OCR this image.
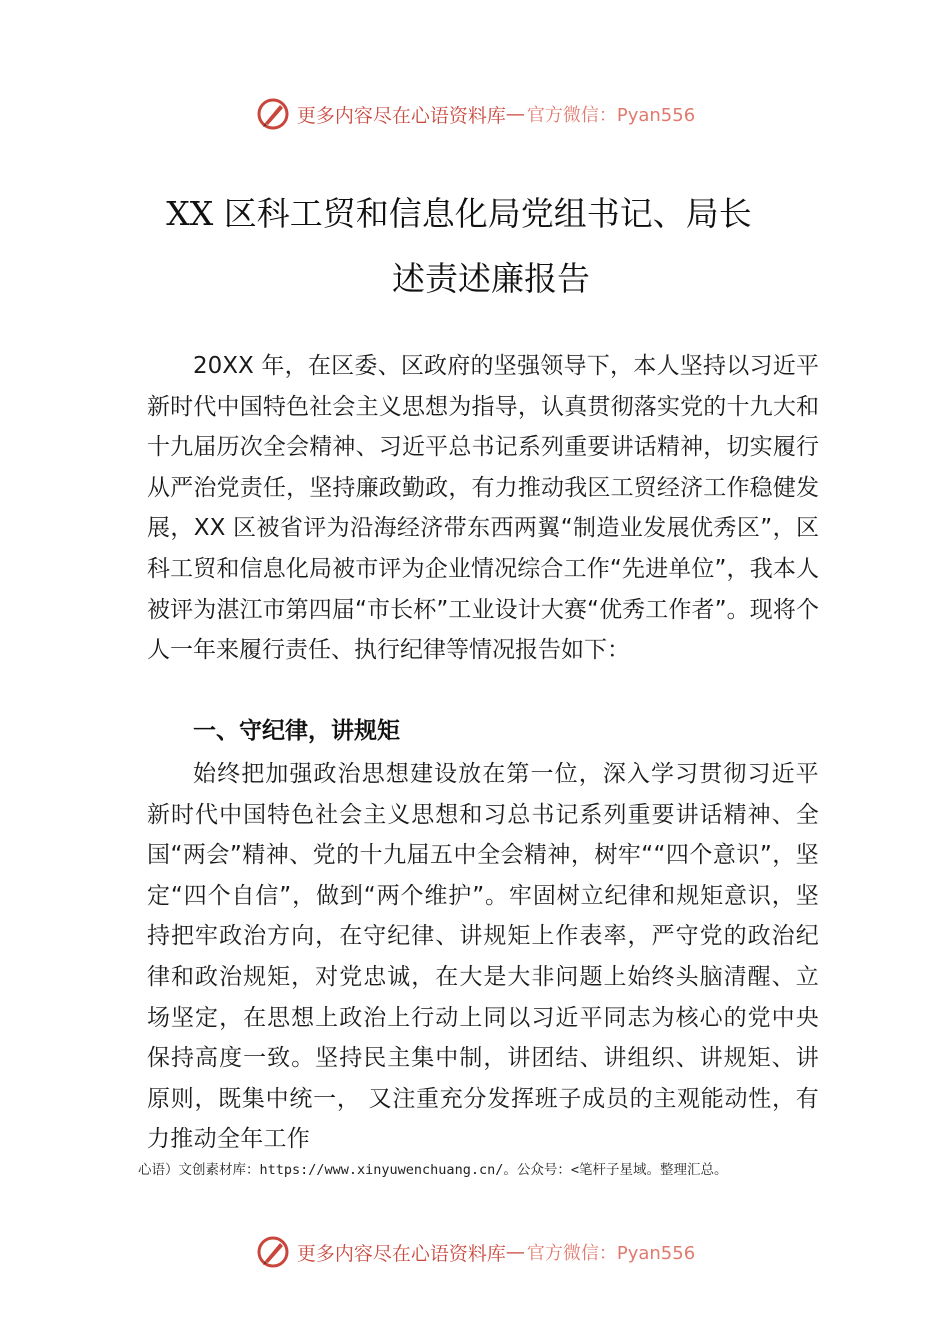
更多内容尽在心语资料库 — 官方微信：Pyan556
XX 区科工贸和信息化局党组书记、局长
述责述廉报告
20XX 年，在区委、区政府的坚强领导下，本人坚持以习近平新时代中国特色社会主义思想为指导，认真贯彻落实党的十九大和十九届历次全会精神、习近平总书记系列重要讲话精神，切实履行从严治党责任，坚持廉政勤政，有力推动我区工贸经济工作稳健发展，XX 区被省评为沿海经济带东西两翼“制造业发展优秀区”，区科工贸和信息化局被市评为企业情况综合工作“先进单位”，我本人被评为湛江市第四届“市长杯”工业设计大赛“优秀工作者”。现将个人一年来履行责任、执行纪律等情况报告如下：
一、守纪律，讲规矩
始终把加强政治思想建设放在第一位，深入学习贯彻习近平新时代中国特色社会主义思想和习总书记系列重要讲话精神、全国“两会”精神、党的十九届五中全会精神，树牢““四个意识”，坚定“四个自信”，做到“两个维护”。牢固树立纪律和规矩意识，坚持把牢政治方向，在守纪律、讲规矩上作表率，严守党的政治纪律和政治规矩，对党忠诚，在大是大非问题上始终头脑清醒、立场坚定，在思想上政治上行动上同以习近平同志为核心的党中央保持高度一致。坚持民主集中制，讲团结、讲组织、讲规矩、讲原则，既集中统一， 又注重充分发挥班子成员的主观能动性，有力推动全年工作
心语）文创素材库：https://www.xinyuwenchuang.cn/。公众号：<笔杆子星域。整理汇总。
更多内容尽在心语资料库 — 官方微信：Pyan556
